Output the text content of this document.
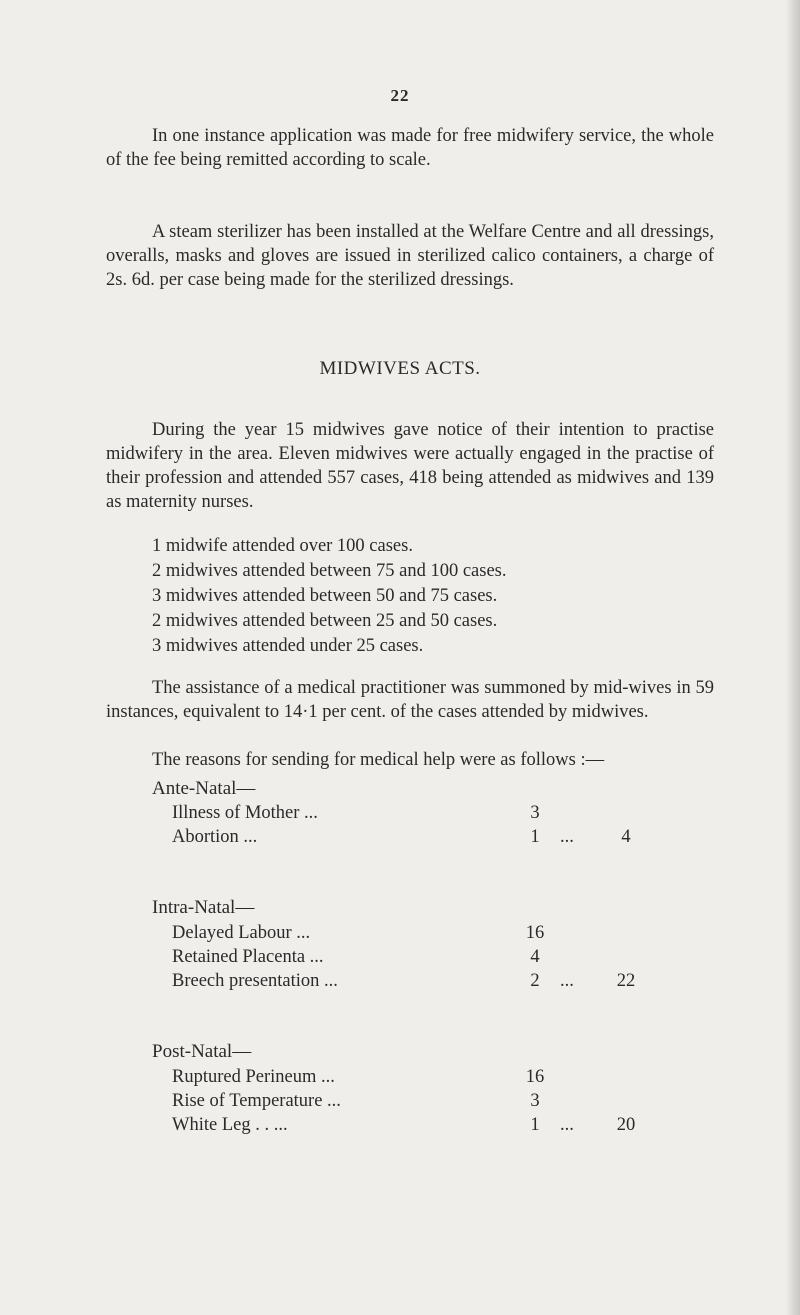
22
In one instance application was made for free midwifery service, the whole of the fee being remitted according to scale.
A steam sterilizer has been installed at the Welfare Centre and all dressings, overalls, masks and gloves are issued in sterilized calico containers, a charge of 2s. 6d. per case being made for the sterilized dressings.
MIDWIVES ACTS.
During the year 15 midwives gave notice of their intention to practise midwifery in the area. Eleven midwives were actually engaged in the practise of their profession and attended 557 cases, 418 being attended as midwives and 139 as maternity nurses.
1 midwife attended over 100 cases.
2 midwives attended between 75 and 100 cases.
3 midwives attended between 50 and 75 cases.
2 midwives attended between 25 and 50 cases.
3 midwives attended under 25 cases.
The assistance of a medical practitioner was summoned by mid-wives in 59 instances, equivalent to 14·1 per cent. of the cases attended by midwives.
The reasons for sending for medical help were as follows :—
Ante-Natal—
Illness of Mother ...	3
Abortion ...	1	...	4
Intra-Natal—
Delayed Labour ...	16
Retained Placenta ...	4
Breech presentation ...	2	...	22
Post-Natal—
Ruptured Perineum ...	16
Rise of Temperature ...	3
White Leg . . ...	1	...	20
